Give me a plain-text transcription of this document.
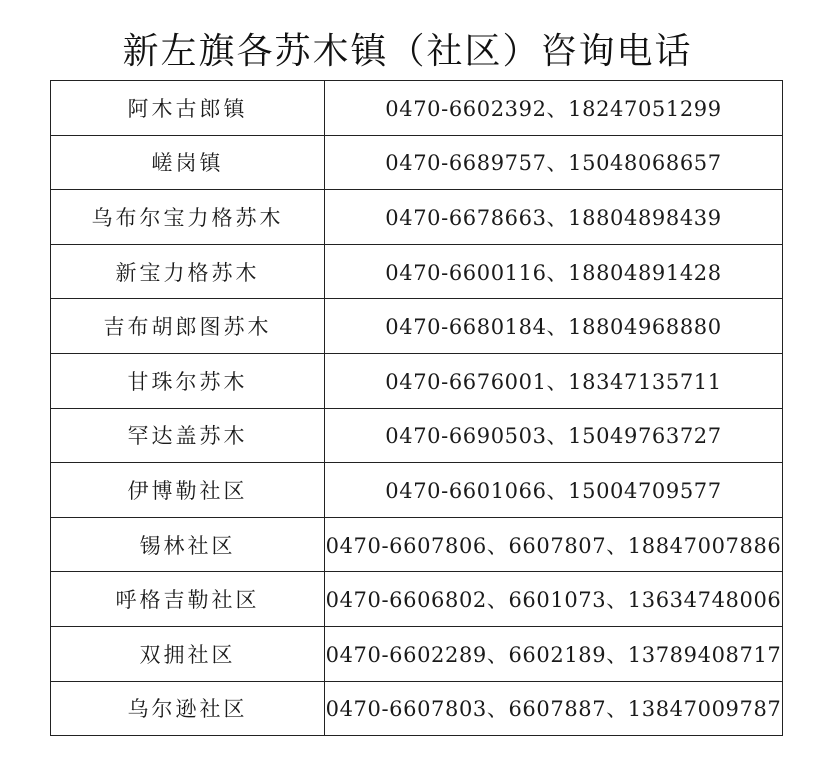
新左旗各苏木镇（社区）咨询电话
阿木古郎镇	0470-6602392、18247051299
嵯岗镇	0470-6689757、15048068657
乌布尔宝力格苏木	0470-6678663、18804898439
新宝力格苏木	0470-6600116、18804891428
吉布胡郎图苏木	0470-6680184、18804968880
甘珠尔苏木	0470-6676001、18347135711
罕达盖苏木	0470-6690503、15049763727
伊博勒社区	0470-6601066、15004709577
锡林社区	0470-6607806、6607807、18847007886
呼格吉勒社区	0470-6606802、6601073、13634748006
双拥社区	0470-6602289、6602189、13789408717
乌尔逊社区	0470-6607803、6607887、13847009787
